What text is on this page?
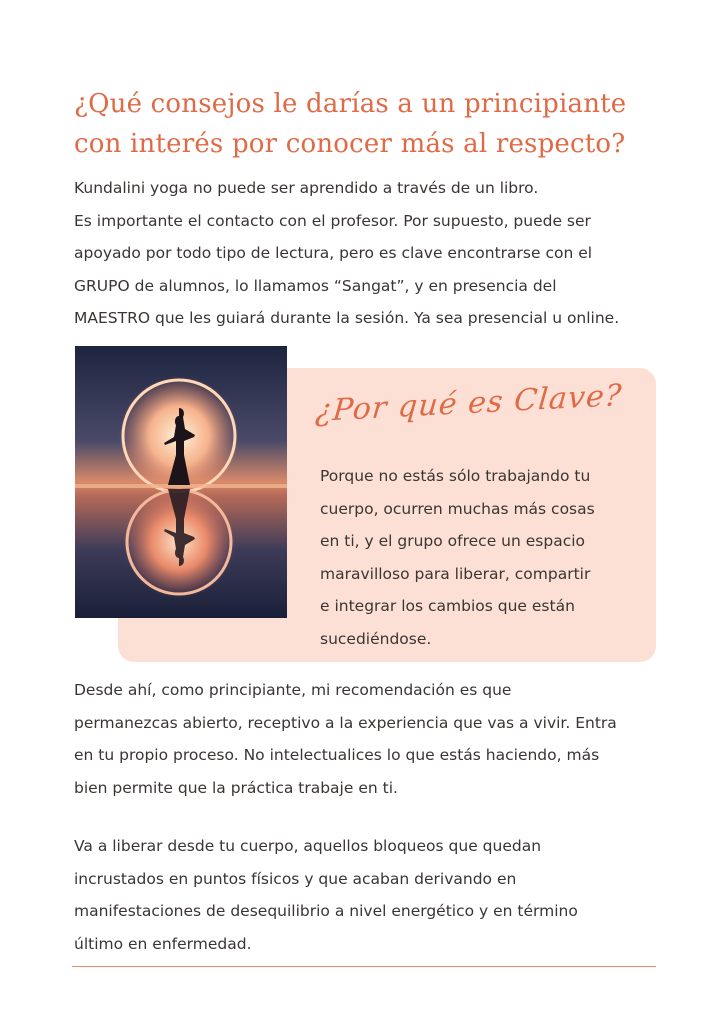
¿Qué consejos le darías a un principiante
con interés por conocer más al respecto?

Kundalini yoga no puede ser aprendido a través de un libro.
Es importante el contacto con el profesor. Por supuesto, puede ser
apoyado por todo tipo de lectura, pero es clave encontrarse con el
GRUPO de alumnos, lo llamamos “Sangat”, y en presencia del
MAESTRO que les guiará durante la sesión. Ya sea presencial u online.

¿Por qué es Clave?

Porque no estás sólo trabajando tu
cuerpo, ocurren muchas más cosas
en ti, y el grupo ofrece un espacio
maravilloso para liberar, compartir
e integrar los cambios que están
sucediéndose.

Desde ahí, como principiante, mi recomendación es que
permanezcas abierto, receptivo a la experiencia que vas a vivir. Entra
en tu propio proceso. No intelectualices lo que estás haciendo, más
bien permite que la práctica trabaje en ti.

Va a liberar desde tu cuerpo, aquellos bloqueos que quedan
incrustados en puntos físicos y que acaban derivando en
manifestaciones de desequilibrio a nivel energético y en término
último en enfermedad.
